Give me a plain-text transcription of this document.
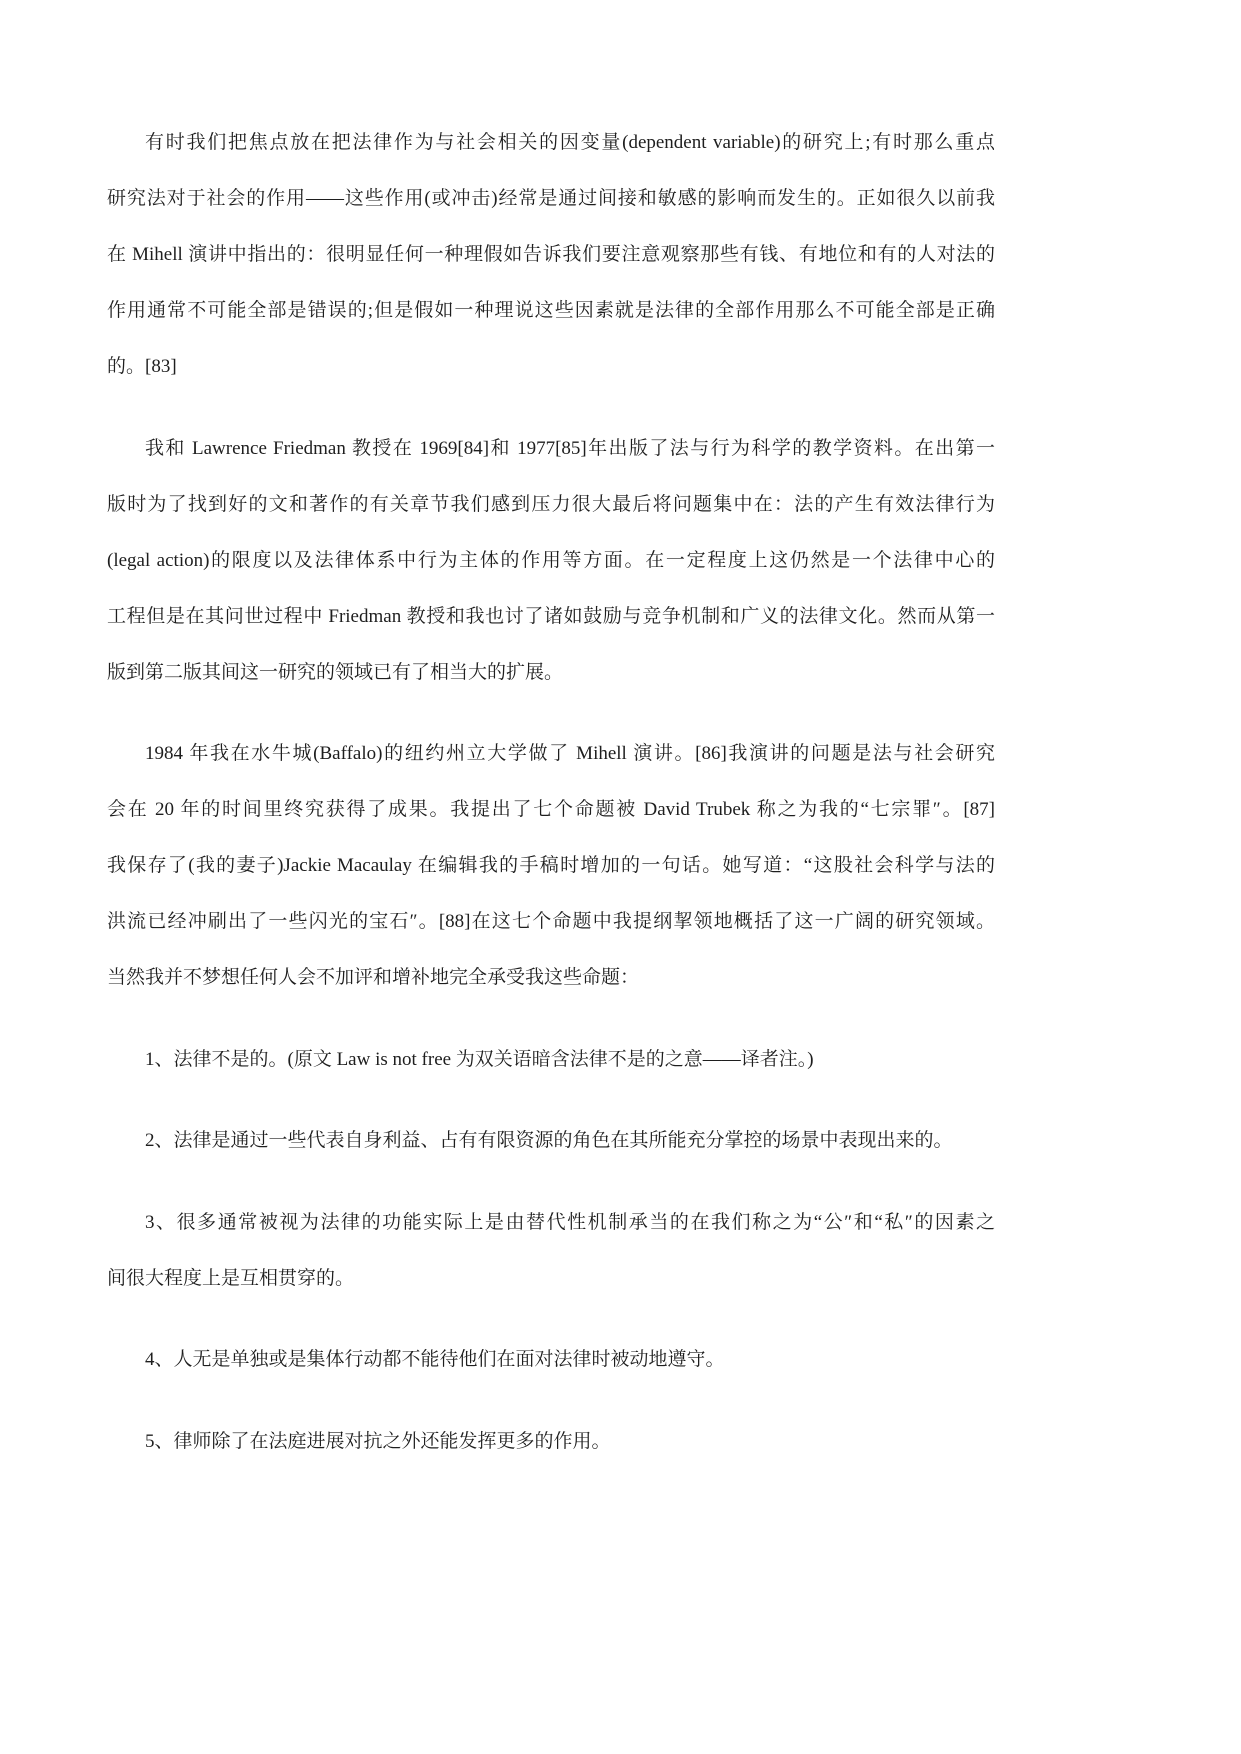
有时我们把焦点放在把法律作为与社会相关的因变量(dependent variable)的研究上;有时那么重点
研究法对于社会的作用——这些作用(或冲击)经常是通过间接和敏感的影响而发生的。正如很久以前我
在 Mihell 演讲中指出的：很明显任何一种理假如告诉我们要注意观察那些有钱、有地位和有的人对法的
作用通常不可能全部是错误的;但是假如一种理说这些因素就是法律的全部作用那么不可能全部是正确
的。[83]
我和 Lawrence Friedman 教授在 1969[84]和 1977[85]年出版了法与行为科学的教学资料。在出第一
版时为了找到好的文和著作的有关章节我们感到压力很大最后将问题集中在：法的产生有效法律行为
(legal action)的限度以及法律体系中行为主体的作用等方面。在一定程度上这仍然是一个法律中心的
工程但是在其问世过程中 Friedman 教授和我也讨了诸如鼓励与竞争机制和广义的法律文化。然而从第一
版到第二版其间这一研究的领域已有了相当大的扩展。
1984 年我在水牛城(Baffalo)的纽约州立大学做了 Mihell 演讲。[86]我演讲的问题是法与社会研究
会在 20 年的时间里终究获得了成果。我提出了七个命题被 David Trubek 称之为我的“七宗罪″。[87]
我保存了(我的妻子)Jackie Macaulay 在编辑我的手稿时增加的一句话。她写道：“这股社会科学与法的
洪流已经冲刷出了一些闪光的宝石″。[88]在这七个命题中我提纲挈领地概括了这一广阔的研究领域。
当然我并不梦想任何人会不加评和增补地完全承受我这些命题：
1、法律不是的。(原文 Law is not free 为双关语暗含法律不是的之意——译者注。)
2、法律是通过一些代表自身利益、占有有限资源的角色在其所能充分掌控的场景中表现出来的。
3、很多通常被视为法律的功能实际上是由替代性机制承当的在我们称之为“公″和“私″的因素之
间很大程度上是互相贯穿的。
4、人无是单独或是集体行动都不能待他们在面对法律时被动地遵守。
5、律师除了在法庭进展对抗之外还能发挥更多的作用。
